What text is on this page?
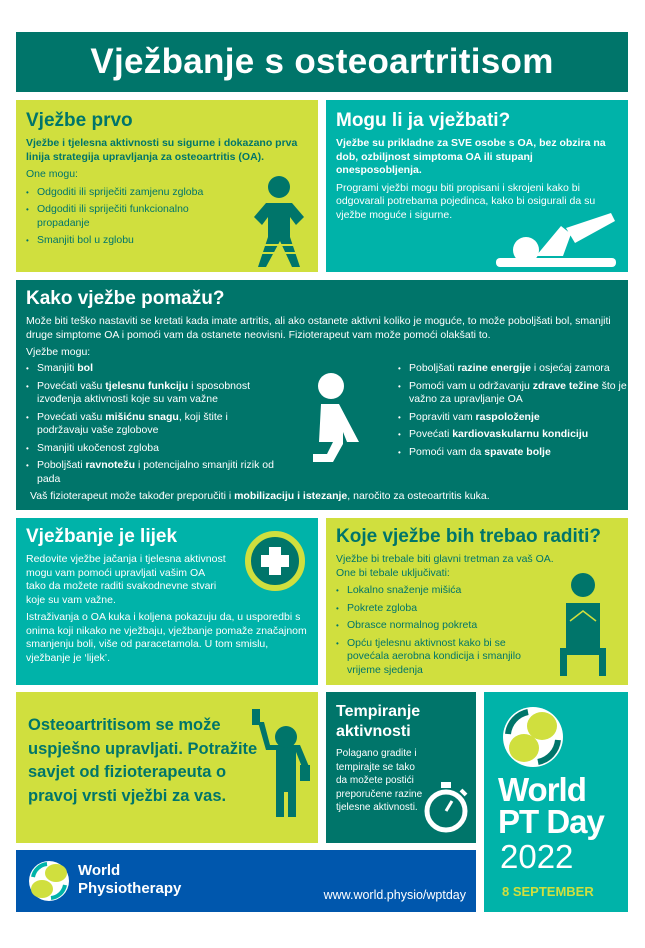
Vježbanje s osteoartritisom
Vježbe prvo

Vježbe i tjelesna aktivnosti su sigurne i dokazano prva linija strategija upravljanja za osteoartritis (OA).

One mogu:

• Odgoditi ili spriječiti zamjenu zgloba
• Odgoditi ili spriječiti funkcionalno propadanje
• Smanjiti bol u zglobu
Mogu li ja vježbati?

Vježbe su prikladne za SVE osobe s OA, bez obzira na dob, ozbiljnost simptoma OA ili stupanj onesposobljenja.

Programi vježbi mogu biti propisani i skrojeni kako bi odgovarali potrebama pojedinca, kako bi osigurali da su vježbe moguće i sigurne.

Kako vježbe pomažu?

Može biti teško nastaviti se kretati kada imate artritis, ali ako ostanete aktivni koliko je moguće, to može poboljšati bol, smanjiti druge simptome OA i pomoći vam da ostanete neovisni. Fizioterapeut vam može pomoći olakšati to.

Vježbe mogu:

• Smanjiti bol
• Povećati vašu tjelesnu funkciju i sposobnost izvođenja aktivnosti koje su vam važne
• Povećati vašu mišićnu snagu, koji štite i podržavaju vaše zglobove
• Smanjiti ukočenost zgloba
• Poboljšati ravnotežu i potencijalno smanjiti rizik od pada
• Poboljšati razine energije i osjećaj zamora
• Pomoći vam u održavanju zdrave težine što je važno za upravljanje OA
• Popraviti vam raspoloženje
• Povećati kardiovaskularnu kondiciju
• Pomoći vam da spavate bolje

Vaš fizioterapeut može također preporučiti i mobilizaciju i istezanje, naročito za osteoartritis kuka.

Vježbanje je lijek

Redovite vježbe jačanja i tjelesna aktivnost mogu vam pomoći upravljati vašim OA tako da možete raditi svakodnevne stvari koje su vam važne.

Istraživanja o OA kuka i koljena pokazuju da, u usporedbi s onima koji nikako ne vježbaju, vježbanje pomaže značajnom smanjenju boli, više od paracetamola. U tom smislu, vježbanje je ‘lijek’.

Koje vježbe bih trebao raditi?

Vježbe bi trebale biti glavni tretman za vaš OA. One bi tebale uključivati:

• Lokalno snaženje mišića
• Pokrete zgloba
• Obrasce normalnog pokreta
• Opću tjelesnu aktivnost kako bi se povećala aerobna kondicija i smanjilo vrijeme sjedenja

Osteoartritisom se može uspješno upravljati. Potražite savjet od fizioterapeuta o pravoj vrsti vježbi za vas.

Tempiranje aktivnosti

Polagano gradite i tempirajte se tako da možete postići preporučene razine tjelesne aktivnosti.

World
Physiotherapy	www.world.physio/wptday
World
PT Day
2022
8 SEPTEMBER
